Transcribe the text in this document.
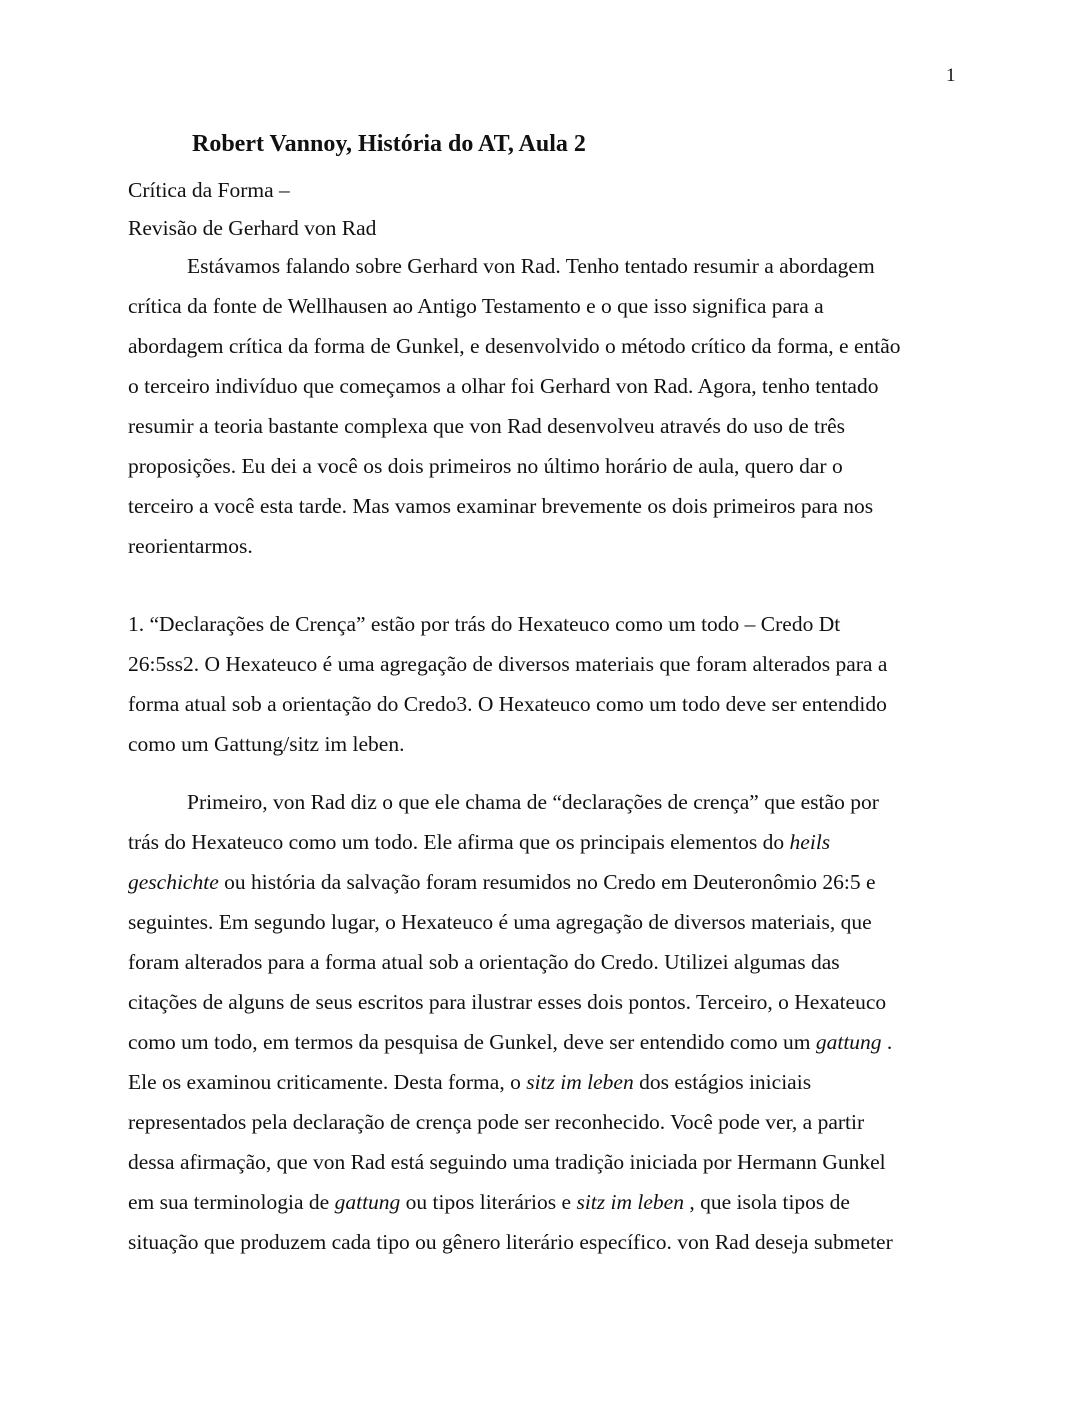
1
Robert Vannoy, História do AT, Aula 2
Crítica da Forma –
Revisão de Gerhard von Rad
Estávamos falando sobre Gerhard von Rad. Tenho tentado resumir a abordagem
crítica da fonte de Wellhausen ao Antigo Testamento e o que isso significa para a
abordagem crítica da forma de Gunkel, e desenvolvido o método crítico da forma, e então
o terceiro indivíduo que começamos a olhar foi Gerhard von Rad. Agora, tenho tentado
resumir a teoria bastante complexa que von Rad desenvolveu através do uso de três
proposições. Eu dei a você os dois primeiros no último horário de aula, quero dar o
terceiro a você esta tarde. Mas vamos examinar brevemente os dois primeiros para nos
reorientarmos.
1. “Declarações de Crença” estão por trás do Hexateuco como um todo – Credo Dt
26:5ss2. O Hexateuco é uma agregação de diversos materiais que foram alterados para a
forma atual sob a orientação do Credo3. O Hexateuco como um todo deve ser entendido
como um Gattung/sitz im leben.
Primeiro, von Rad diz o que ele chama de “declarações de crença” que estão por
trás do Hexateuco como um todo. Ele afirma que os principais elementos do heils
geschichte ou história da salvação foram resumidos no Credo em Deuteronômio 26:5 e
seguintes. Em segundo lugar, o Hexateuco é uma agregação de diversos materiais, que
foram alterados para a forma atual sob a orientação do Credo. Utilizei algumas das
citações de alguns de seus escritos para ilustrar esses dois pontos. Terceiro, o Hexateuco
como um todo, em termos da pesquisa de Gunkel, deve ser entendido como um gattung .
Ele os examinou criticamente. Desta forma, o sitz im leben dos estágios iniciais
representados pela declaração de crença pode ser reconhecido. Você pode ver, a partir
dessa afirmação, que von Rad está seguindo uma tradição iniciada por Hermann Gunkel
em sua terminologia de gattung ou tipos literários e sitz im leben , que isola tipos de
situação que produzem cada tipo ou gênero literário específico. von Rad deseja submeter
